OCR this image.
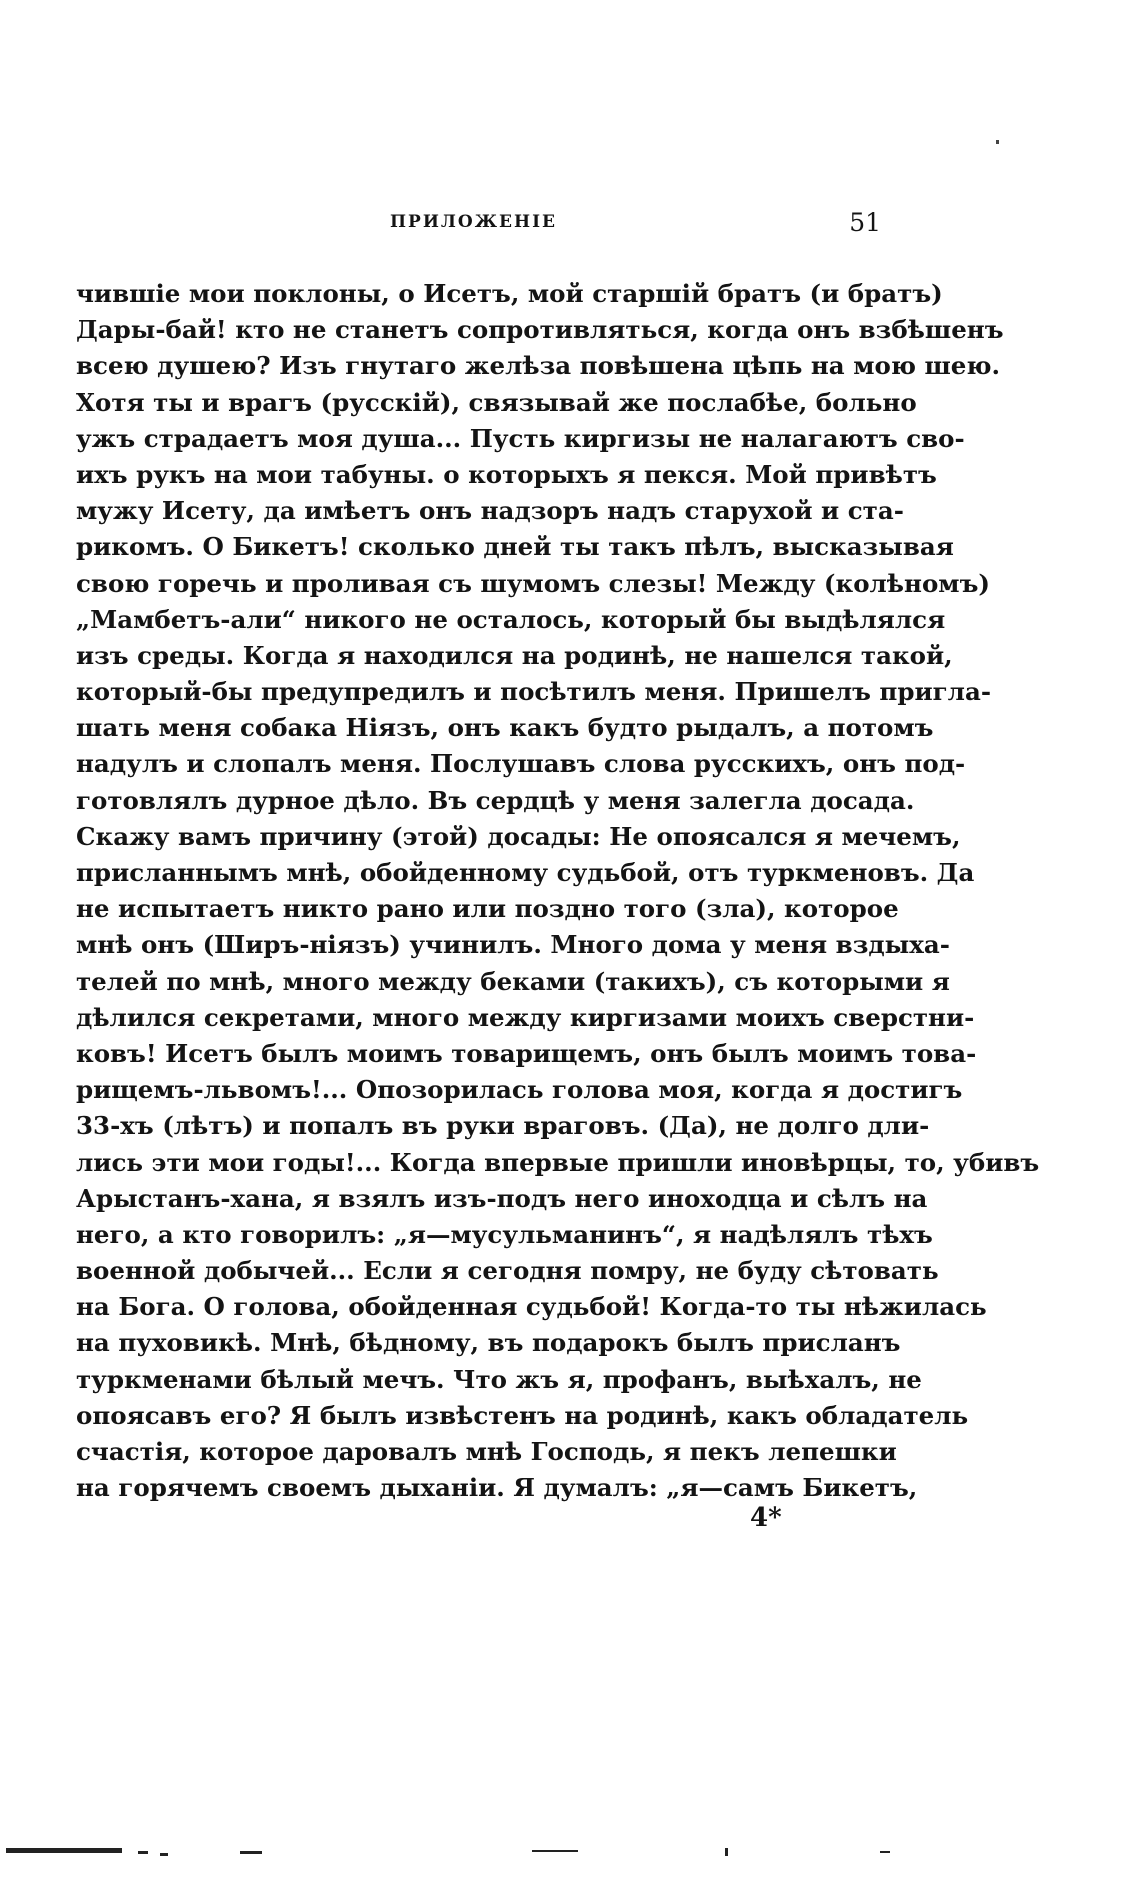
ПРИЛОЖЕНІЕ	51
чившіе мои поклоны, о Исетъ, мой старшій братъ (и братъ)
Дары-бай! кто не станетъ сопротивляться, когда онъ взбѣшенъ
всею душею? Изъ гнутаго желѣза повѣшена цѣпь на мою шею.
Хотя ты и врагъ (русскій), связывай же послабѣе, больно
ужъ страдаетъ моя душа... Пусть киргизы не налагаютъ сво-
ихъ рукъ на мои табуны. о которыхъ я пекся. Мой привѣтъ
мужу Исету, да имѣетъ онъ надзоръ надъ старухой и ста-
рикомъ. О Бикетъ! сколько дней ты такъ пѣлъ, высказывая
свою горечь и проливая съ шумомъ слезы! Между (колѣномъ)
„Мамбетъ-али“ никого не осталось, который бы выдѣлялся
изъ среды. Когда я находился на родинѣ, не нашелся такой,
который-бы предупредилъ и посѣтилъ меня. Пришелъ пригла-
шать меня собака Ніязъ, онъ какъ будто рыдалъ, а потомъ
надулъ и слопалъ меня. Послушавъ слова русскихъ, онъ под-
готовлялъ дурное дѣло. Въ сердцѣ у меня залегла досада.
Скажу вамъ причину (этой) досады: Не опоясался я мечемъ,
присланнымъ мнѣ, обойденному судьбой, отъ туркменовъ. Да
не испытаетъ никто рано или поздно того (зла), которое
мнѣ онъ (Ширъ-ніязъ) учинилъ. Много дома у меня вздыха-
телей по мнѣ, много между беками (такихъ), съ которыми я
дѣлился секретами, много между киргизами моихъ сверстни-
ковъ! Исетъ былъ моимъ товарищемъ, онъ былъ моимъ това-
рищемъ-львомъ!... Опозорилась голова моя, когда я достигъ
33-хъ (лѣтъ) и попалъ въ руки враговъ. (Да), не долго дли-
лись эти мои годы!... Когда впервые пришли иновѣрцы, то, убивъ
Арыстанъ-хана, я взялъ изъ-подъ него иноходца и сѣлъ на
него, а кто говорилъ: „я—мусульманинъ“, я надѣлялъ тѣхъ
военной добычей... Если я сегодня помру, не буду сѣтовать
на Бога. О голова, обойденная судьбой! Когда-то ты нѣжилась
на пуховикѣ. Мнѣ, бѣдному, въ подарокъ былъ присланъ
туркменами бѣлый мечъ. Что жъ я, профанъ, выѣхалъ, не
опоясавъ его? Я былъ извѣстенъ на родинѣ, какъ обладатель
счастія, которое даровалъ мнѣ Господь, я пекъ лепешки
на горячемъ своемъ дыханіи. Я думалъ: „я—самъ Бикетъ,
4*
